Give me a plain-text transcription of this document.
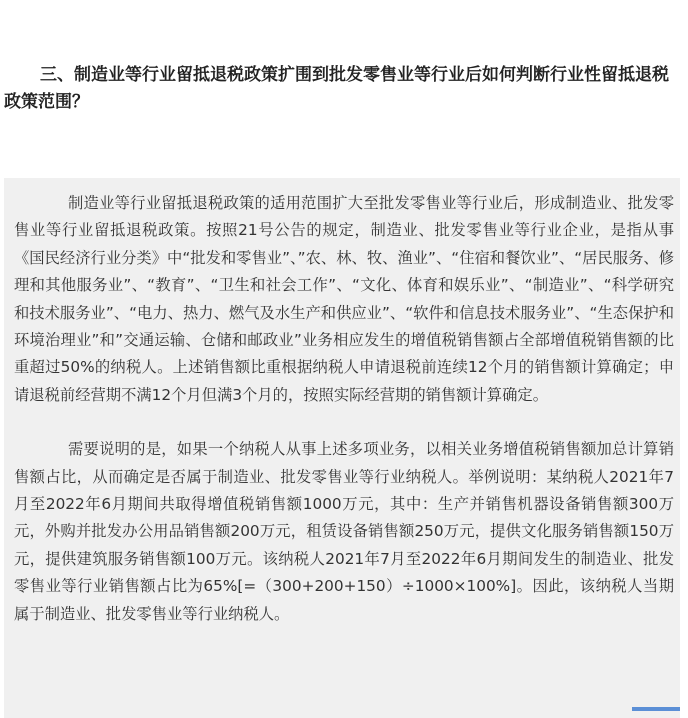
三、制造业等行业留抵退税政策扩围到批发零售业等行业后如何判断行业性留抵退税政策范围？

制造业等行业留抵退税政策的适用范围扩大至批发零售业等行业后，形成制造业、批发零售业等行业留抵退税政策。按照21号公告的规定，制造业、批发零售业等行业企业，是指从事《国民经济行业分类》中“批发和零售业”、”农、林、牧、渔业”、“住宿和餐饮业”、“居民服务、修理和其他服务业”、“教育”、“卫生和社会工作”、“文化、体育和娱乐业”、“制造业”、“科学研究和技术服务业”、“电力、热力、燃气及水生产和供应业”、“软件和信息技术服务业”、“生态保护和环境治理业”和”交通运输、仓储和邮政业”业务相应发生的增值税销售额占全部增值税销售额的比重超过50%的纳税人。上述销售额比重根据纳税人申请退税前连续12个月的销售额计算确定；申请退税前经营期不满12个月但满3个月的，按照实际经营期的销售额计算确定。

需要说明的是，如果一个纳税人从事上述多项业务，以相关业务增值税销售额加总计算销售额占比，从而确定是否属于制造业、批发零售业等行业纳税人。举例说明：某纳税人2021年7月至2022年6月期间共取得增值税销售额1000万元，其中：生产并销售机器设备销售额300万元，外购并批发办公用品销售额200万元，租赁设备销售额250万元，提供文化服务销售额150万元，提供建筑服务销售额100万元。该纳税人2021年7月至2022年6月期间发生的制造业、批发零售业等行业销售额占比为65%[=（300+200+150）÷1000×100%]。因此，该纳税人当期属于制造业、批发零售业等行业纳税人。
